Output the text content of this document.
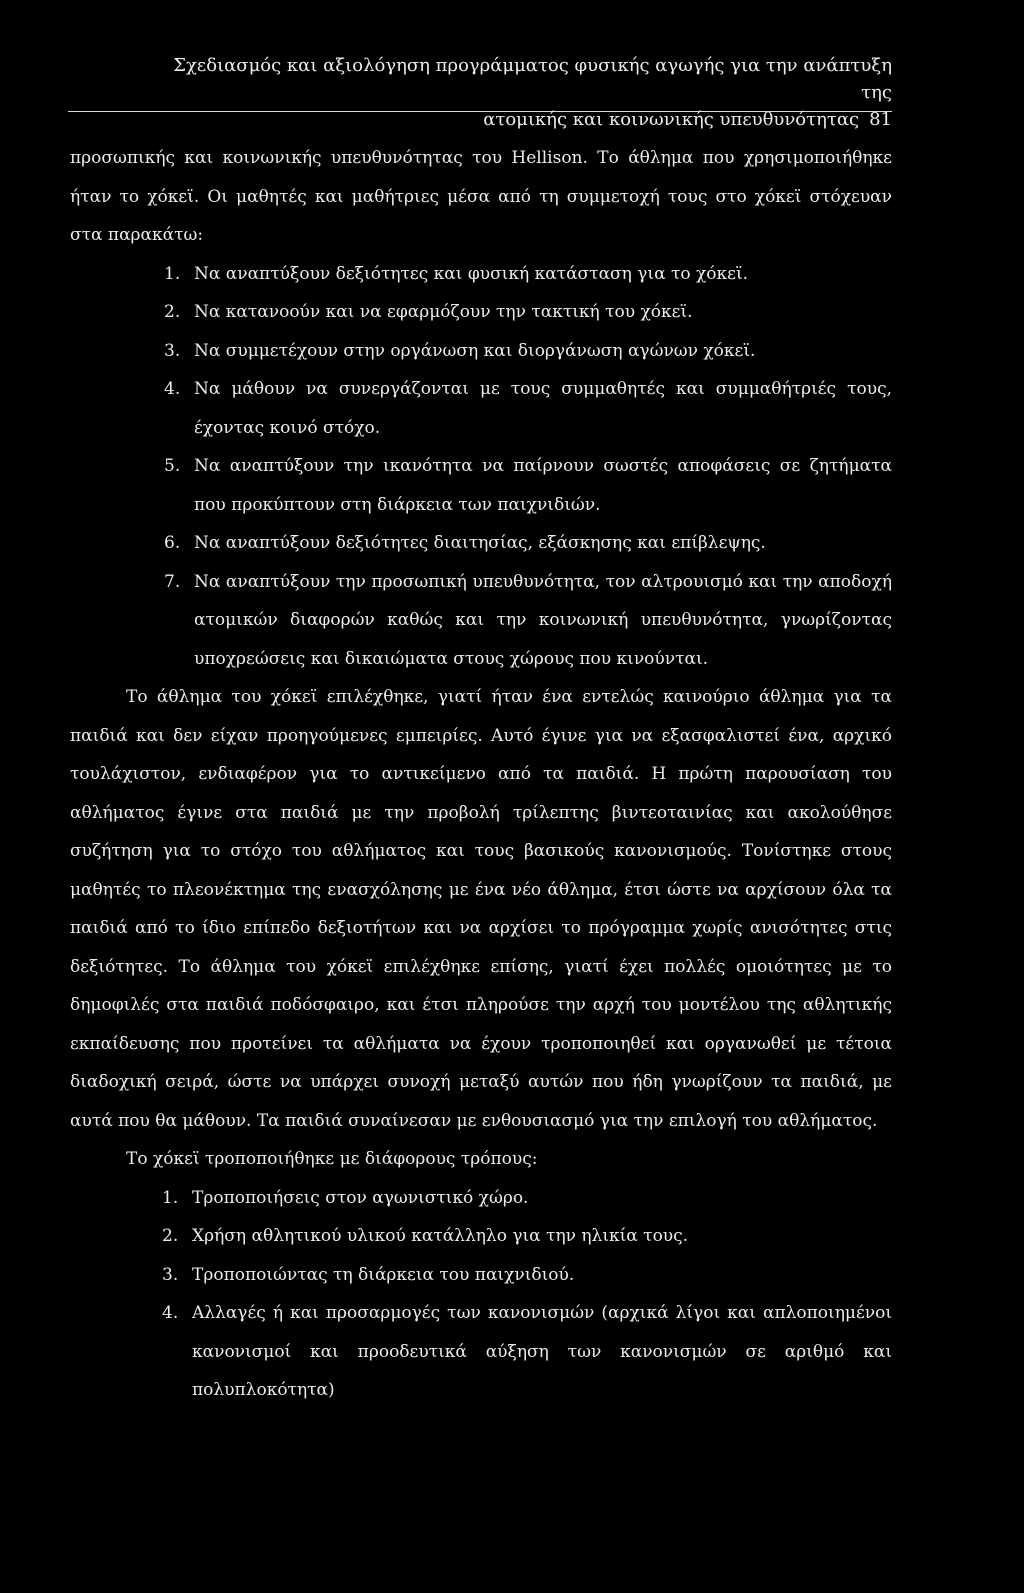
Σχεδιασμός και αξιολόγηση προγράμματος φυσικής αγωγής για την ανάπτυξη της
ατομικής και κοινωνικής υπευθυνότητας 81

προσωπικής και κοινωνικής υπευθυνότητας του Hellison. Το άθλημα που χρησιμοποιήθηκε ήταν το χόκεϊ. Οι μαθητές και μαθήτριες μέσα από τη συμμετοχή τους στο χόκεϊ στόχευαν στα παρακάτω:

1. Να αναπτύξουν δεξιότητες και φυσική κατάσταση για το χόκεϊ.
2. Να κατανοούν και να εφαρμόζουν την τακτική του χόκεϊ.
3. Να συμμετέχουν στην οργάνωση και διοργάνωση αγώνων χόκεϊ.
4. Να μάθουν να συνεργάζονται με τους συμμαθητές και συμμαθήτριές τους, έχοντας κοινό στόχο.
5. Να αναπτύξουν την ικανότητα να παίρνουν σωστές αποφάσεις σε ζητήματα που προκύπτουν στη διάρκεια των παιχνιδιών.
6. Να αναπτύξουν δεξιότητες διαιτησίας, εξάσκησης και επίβλεψης.
7. Να αναπτύξουν την προσωπική υπευθυνότητα, τον αλτρουισμό και την αποδοχή ατομικών διαφορών καθώς και την κοινωνική υπευθυνότητα, γνωρίζοντας υποχρεώσεις και δικαιώματα στους χώρους που κινούνται.

Το άθλημα του χόκεϊ επιλέχθηκε, γιατί ήταν ένα εντελώς καινούριο άθλημα για τα παιδιά και δεν είχαν προηγούμενες εμπειρίες. Αυτό έγινε για να εξασφαλιστεί ένα, αρχικό τουλάχιστον, ενδιαφέρον για το αντικείμενο από τα παιδιά. Η πρώτη παρουσίαση του αθλήματος έγινε στα παιδιά με την προβολή τρίλεπτης βιντεοταινίας και ακολούθησε συζήτηση για το στόχο του αθλήματος και τους βασικούς κανονισμούς. Τονίστηκε στους μαθητές το πλεονέκτημα της ενασχόλησης με ένα νέο άθλημα, έτσι ώστε να αρχίσουν όλα τα παιδιά από το ίδιο επίπεδο δεξιοτήτων και να αρχίσει το πρόγραμμα χωρίς ανισότητες στις δεξιότητες. Το άθλημα του χόκεϊ επιλέχθηκε επίσης, γιατί έχει πολλές ομοιότητες με το δημοφιλές στα παιδιά ποδόσφαιρο, και έτσι πληρούσε την αρχή του μοντέλου της αθλητικής εκπαίδευσης που προτείνει τα αθλήματα να έχουν τροποποιηθεί και οργανωθεί με τέτοια διαδοχική σειρά, ώστε να υπάρχει συνοχή μεταξύ αυτών που ήδη γνωρίζουν τα παιδιά, με αυτά που θα μάθουν. Τα παιδιά συναίνεσαν με ενθουσιασμό για την επιλογή του αθλήματος.

Το χόκεϊ τροποποιήθηκε με διάφορους τρόπους:

1. Τροποποιήσεις στον αγωνιστικό χώρο.
2. Χρήση αθλητικού υλικού κατάλληλο για την ηλικία τους.
3. Τροποποιώντας τη διάρκεια του παιχνιδιού.
4. Αλλαγές ή και προσαρμογές των κανονισμών (αρχικά λίγοι και απλοποιημένοι κανονισμοί και προοδευτικά αύξηση των κανονισμών σε αριθμό και πολυπλοκότητα)
